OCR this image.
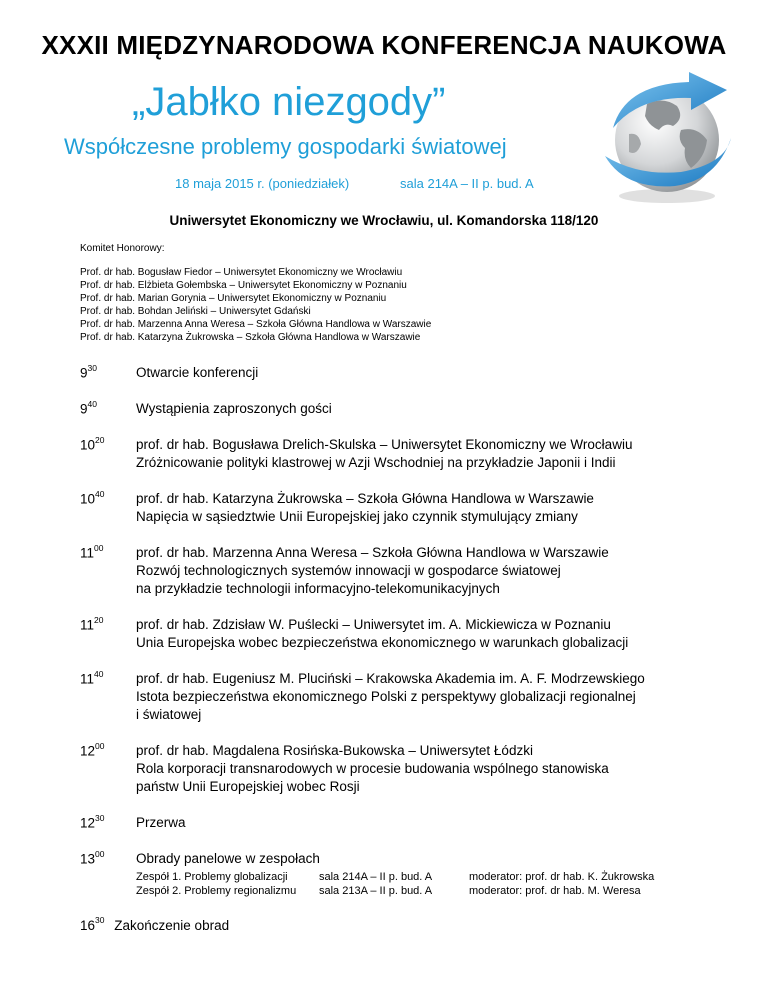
XXXII MIĘDZYNARODOWA KONFERENCJA NAUKOWA
„Jabłko niezgody”
Współczesne problemy gospodarki światowej
18 maja 2015 r. (poniedziałek)	sala 214A – II p. bud. A
Uniwersytet Ekonomiczny we Wrocławiu, ul. Komandorska 118/120
Komitet Honorowy:
Prof. dr hab. Bogusław Fiedor – Uniwersytet Ekonomiczny we Wrocławiu
Prof. dr hab. Elżbieta Gołembska – Uniwersytet Ekonomiczny w Poznaniu
Prof. dr hab. Marian Gorynia – Uniwersytet Ekonomiczny w Poznaniu
Prof. dr hab. Bohdan Jeliński – Uniwersytet Gdański
Prof. dr hab. Marzenna Anna Weresa – Szkoła Główna Handlowa w Warszawie
Prof. dr hab. Katarzyna Żukrowska – Szkoła Główna Handlowa w Warszawie
$9^{30}$	Otwarcie konferencji
$9^{40}$	Wystąpienia zaproszonych gości
$10^{20}$ prof. dr hab. Bogusława Drelich-Skulska – Uniwersytet Ekonomiczny we Wrocławiu
Zróżnicowanie polityki klastrowej w Azji Wschodniej na przykładzie Japonii i Indii
$10^{40}$ prof. dr hab. Katarzyna Żukrowska – Szkoła Główna Handlowa w Warszawie
Napięcia w sąsiedztwie Unii Europejskiej jako czynnik stymulujący zmiany
$11^{00}$ prof. dr hab. Marzenna Anna Weresa – Szkoła Główna Handlowa w Warszawie
Rozwój technologicznych systemów innowacji w gospodarce światowej
na przykładzie technologii informacyjno-telekomunikacyjnych
$11^{20}$ prof. dr hab. Zdzisław W. Puślecki – Uniwersytet im. A. Mickiewicza w Poznaniu
Unia Europejska wobec bezpieczeństwa ekonomicznego w warunkach globalizacji
$11^{40}$ prof. dr hab. Eugeniusz M. Pluciński – Krakowska Akademia im. A. F. Modrzewskiego
Istota bezpieczeństwa ekonomicznego Polski z perspektywy globalizacji regionalnej
i światowej
$12^{00}$ prof. dr hab. Magdalena Rosińska-Bukowska – Uniwersytet Łódzki
Rola korporacji transnarodowych w procesie budowania wspólnego stanowiska
państw Unii Europejskiej wobec Rosji
$12^{30}$ Przerwa
$13^{00}$ Obrady panelowe w zespołach
Zespół 1. Problemy globalizacji	sala 214A – II p. bud. A	moderator: prof. dr hab. K. Żukrowska
Zespół 2. Problemy regionalizmu	sala 213A – II p. bud. A	moderator: prof. dr hab. M. Weresa
$16^{30}$ Zakończenie obrad
